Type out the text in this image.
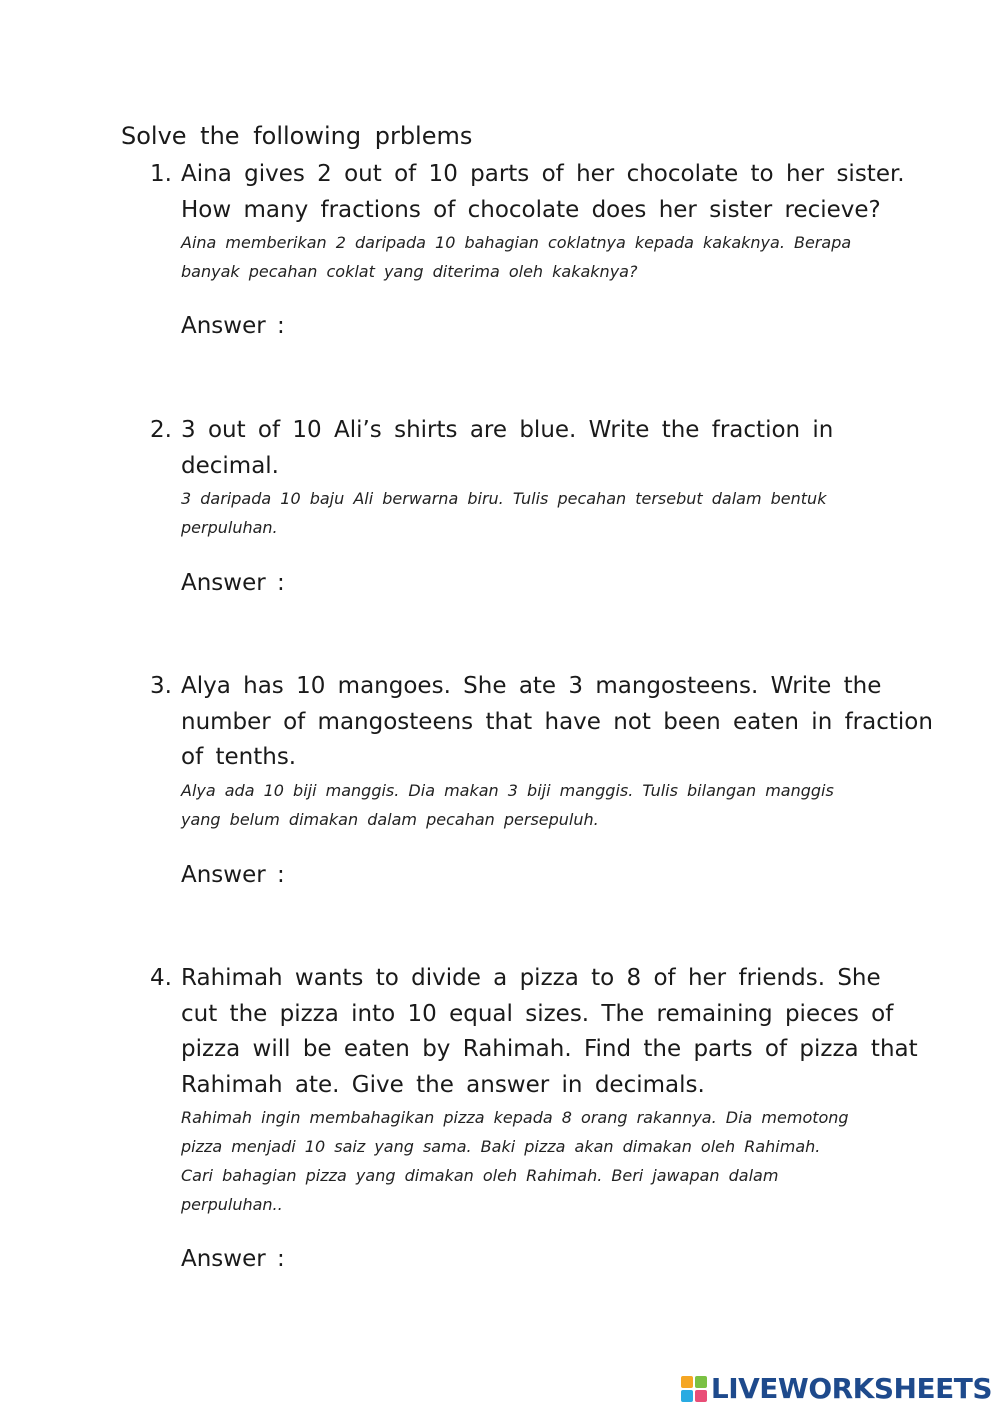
Solve the following prblems
1. Aina gives 2 out of 10 parts of her chocolate to her sister.
How many fractions of chocolate does her sister recieve?
Aina memberikan 2 daripada 10 bahagian coklatnya kepada kakaknya. Berapa
banyak pecahan coklat yang diterima oleh kakaknya?
Answer :
2. 3 out of 10 Ali’s shirts are blue. Write the fraction in
decimal.
3 daripada 10 baju Ali berwarna biru. Tulis pecahan tersebut dalam bentuk
perpuluhan.
Answer :
3. Alya has 10 mangoes. She ate 3 mangosteens. Write the
number of mangosteens that have not been eaten in fraction
of tenths.
Alya ada 10 biji manggis. Dia makan 3 biji manggis. Tulis bilangan manggis
yang belum dimakan dalam pecahan persepuluh.
Answer :
4. Rahimah wants to divide a pizza to 8 of her friends. She
cut the pizza into 10 equal sizes. The remaining pieces of
pizza will be eaten by Rahimah. Find the parts of pizza that
Rahimah ate. Give the answer in decimals.
Rahimah ingin membahagikan pizza kepada 8 orang rakannya. Dia memotong
pizza menjadi 10 saiz yang sama. Baki pizza akan dimakan oleh Rahimah.
Cari bahagian pizza yang dimakan oleh Rahimah. Beri jawapan dalam
perpuluhan..
Answer :
LIVEWORKSHEETS
